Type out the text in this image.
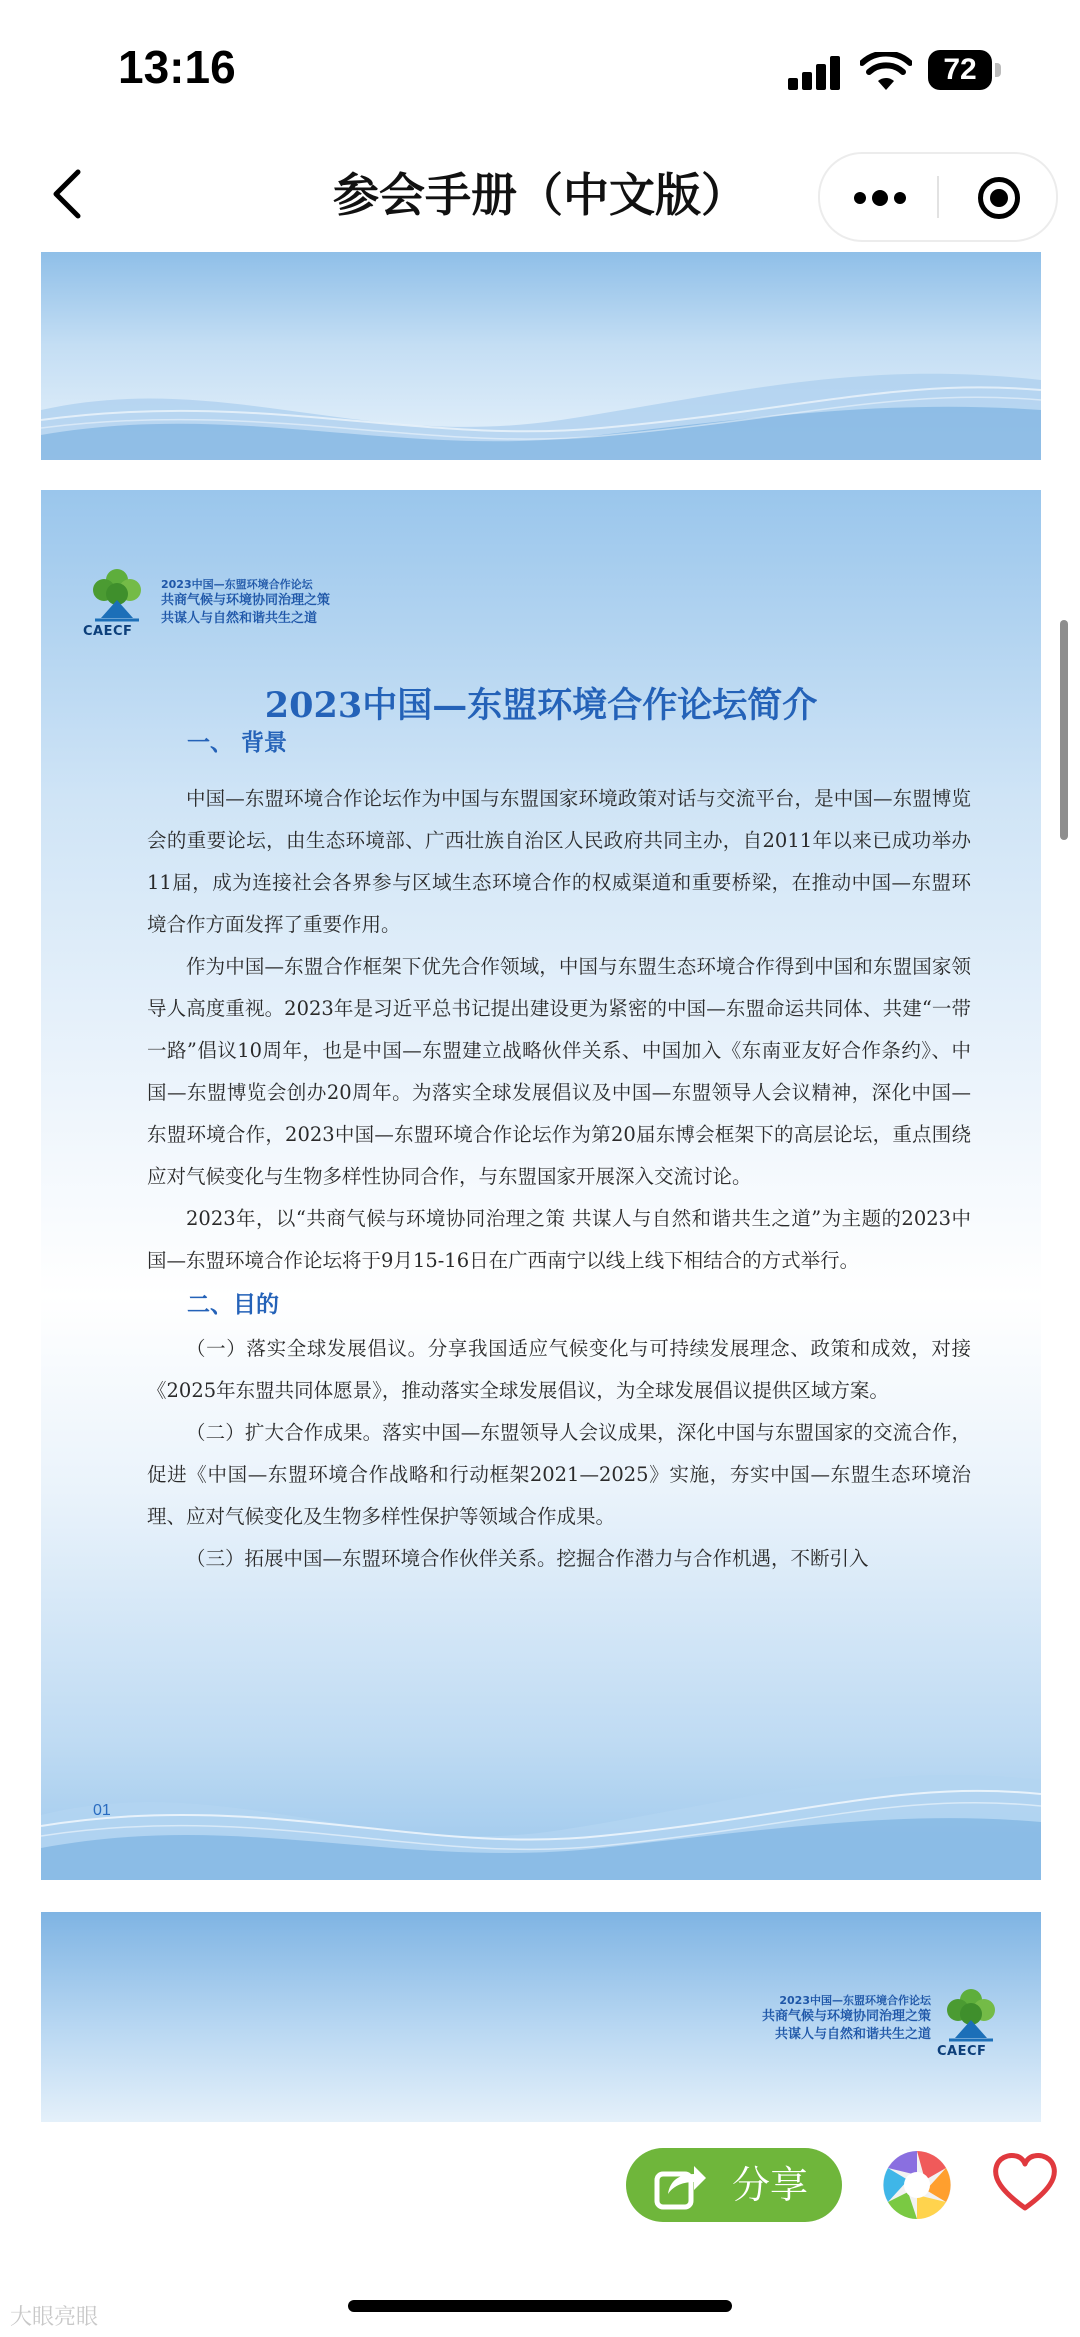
13:16	72
参会手册（中文版）
CAECF
2023中国—东盟环境合作论坛
共商气候与环境协同治理之策
共谋人与自然和谐共生之道
2023中国—东盟环境合作论坛简介
一、 背景

中国—东盟环境合作论坛作为中国与东盟国家环境政策对话与交流平台，是中国—东盟博览会的重要论坛，由生态环境部、广西壮族自治区人民政府共同主办，自2011年以来已成功举办11届，成为连接社会各界参与区域生态环境合作的权威渠道和重要桥梁，在推动中国—东盟环境合作方面发挥了重要作用。

作为中国—东盟合作框架下优先合作领域，中国与东盟生态环境合作得到中国和东盟国家领导人高度重视。2023年是习近平总书记提出建设更为紧密的中国—东盟命运共同体、共建“一带一路”倡议10周年，也是中国—东盟建立战略伙伴关系、中国加入《东南亚友好合作条约》、中国—东盟博览会创办20周年。为落实全球发展倡议及中国—东盟领导人会议精神，深化中国—东盟环境合作，2023中国—东盟环境合作论坛作为第20届东博会框架下的高层论坛，重点围绕应对气候变化与生物多样性协同合作，与东盟国家开展深入交流讨论。

2023年，以“共商气候与环境协同治理之策 共谋人与自然和谐共生之道”为主题的2023中国—东盟环境合作论坛将于9月15-16日在广西南宁以线上线下相结合的方式举行。

二、目的

（一）落实全球发展倡议。分享我国适应气候变化与可持续发展理念、政策和成效，对接《2025年东盟共同体愿景》，推动落实全球发展倡议，为全球发展倡议提供区域方案。

（二）扩大合作成果。落实中国—东盟领导人会议成果，深化中国与东盟国家的交流合作，促进《中国—东盟环境合作战略和行动框架2021—2025》实施，夯实中国—东盟生态环境治理、应对气候变化及生物多样性保护等领域合作成果。

（三）拓展中国—东盟环境合作伙伴关系。挖掘合作潜力与合作机遇，不断引入

01
2023中国—东盟环境合作论坛
共商气候与环境协同治理之策
共谋人与自然和谐共生之道
CAECF
分享
大眼亮眼
